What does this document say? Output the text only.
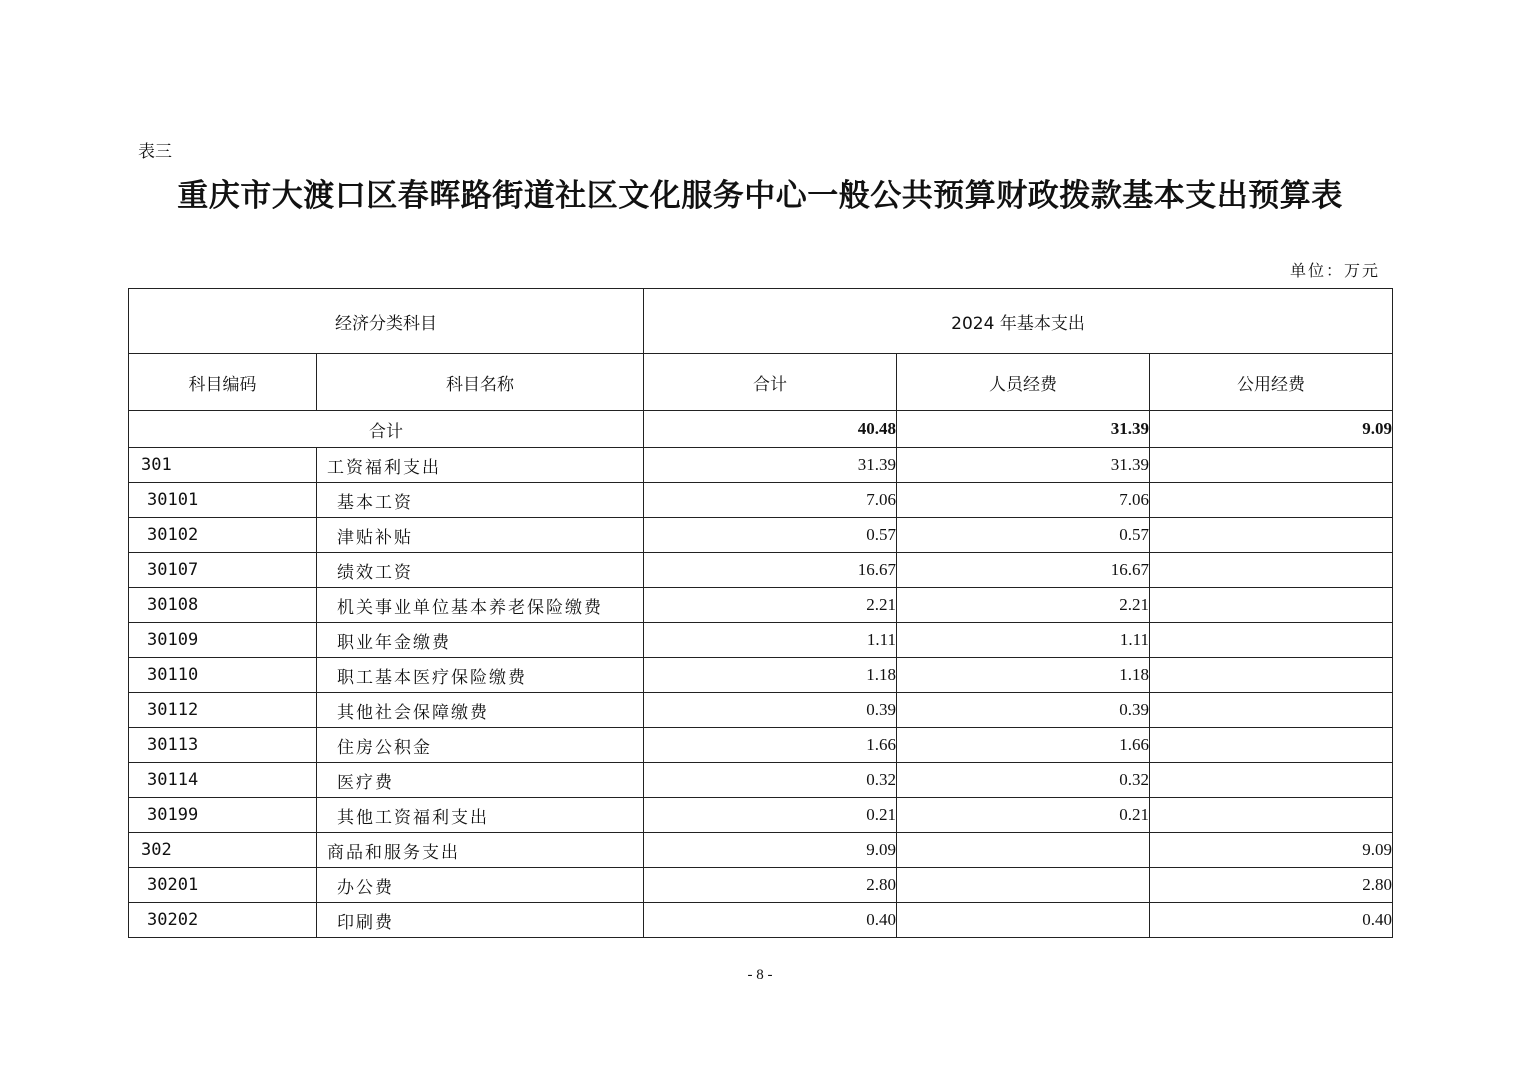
表三
重庆市大渡口区春晖路街道社区文化服务中心一般公共预算财政拨款基本支出预算表
单位：万元
经济分类科目		2024 年基本支出		
科目编码	科目名称	合计	人员经费	公用经费
合计		40.48	31.39	9.09
301	工资福利支出	31.39	31.39	
30101	基本工资	7.06	7.06	
30102	津贴补贴	0.57	0.57	
30107	绩效工资	16.67	16.67	
30108	机关事业单位基本养老保险缴费	2.21	2.21	
30109	职业年金缴费	1.11	1.11	
30110	职工基本医疗保险缴费	1.18	1.18	
30112	其他社会保障缴费	0.39	0.39	
30113	住房公积金	1.66	1.66	
30114	医疗费	0.32	0.32	
30199	其他工资福利支出	0.21	0.21	
302	商品和服务支出	9.09		9.09
30201	办公费	2.80		2.80
30202	印刷费	0.40		0.40
- 8 -
